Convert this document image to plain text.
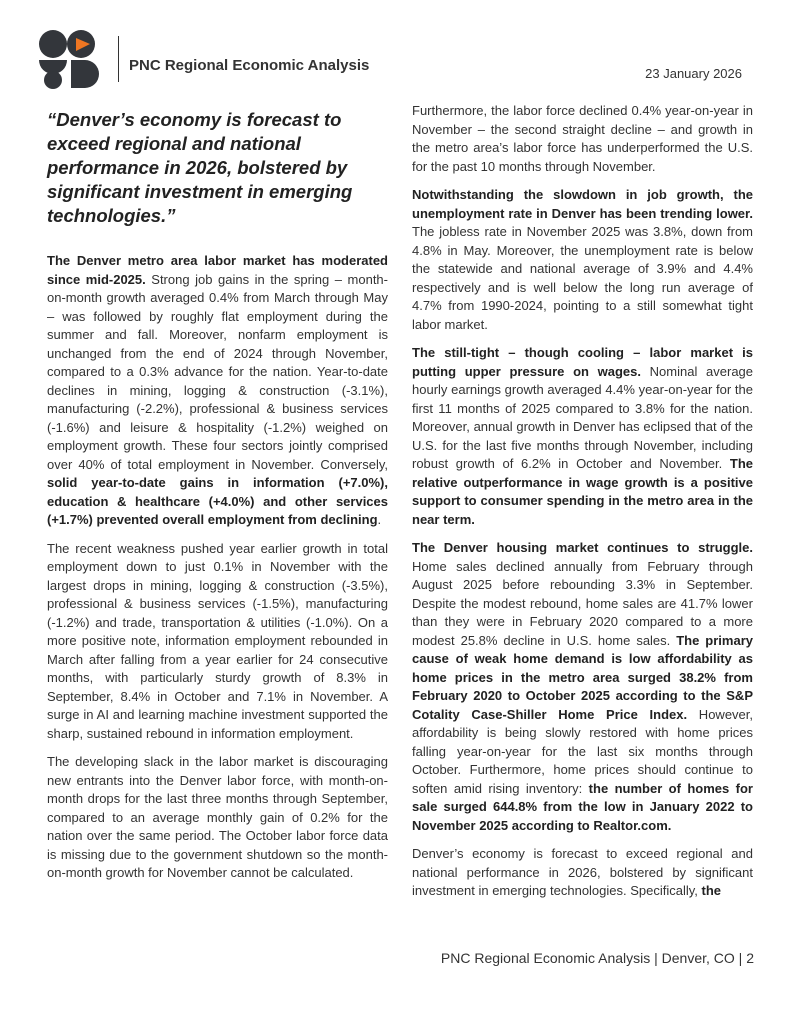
PNC Regional Economic Analysis	23 January 2026

“Denver’s economy is forecast to exceed regional and national performance in 2026, bolstered by significant investment in emerging technologies.”

The Denver metro area labor market has moderated since mid-2025. Strong job gains in the spring – month-on-month growth averaged 0.4% from March through May – was followed by roughly flat employment during the summer and fall. Moreover, nonfarm employment is unchanged from the end of 2024 through November, compared to a 0.3% advance for the nation. Year-to-date declines in mining, logging & construction (-3.1%), manufacturing (-2.2%), professional & business services (-1.6%) and leisure & hospitality (-1.2%) weighed on employment growth. These four sectors jointly comprised over 40% of total employment in November. Conversely, solid year-to-date gains in information (+7.0%), education & healthcare (+4.0%) and other services (+1.7%) prevented overall employment from declining.

The recent weakness pushed year earlier growth in total employment down to just 0.1% in November with the largest drops in mining, logging & construction (-3.5%), professional & business services (-1.5%), manufacturing (-1.2%) and trade, transportation & utilities (-1.0%). On a more positive note, information employment rebounded in March after falling from a year earlier for 24 consecutive months, with particularly sturdy growth of 8.3% in September, 8.4% in October and 7.1% in November. A surge in AI and learning machine investment supported the sharp, sustained rebound in information employment.

The developing slack in the labor market is discouraging new entrants into the Denver labor force, with month-on-month drops for the last three months through September, compared to an average monthly gain of 0.2% for the nation over the same period. The October labor force data is missing due to the government shutdown so the month-on-month growth for November cannot be calculated.

Furthermore, the labor force declined 0.4% year-on-year in November – the second straight decline – and growth in the metro area’s labor force has underperformed the U.S. for the past 10 months through November.

Notwithstanding the slowdown in job growth, the unemployment rate in Denver has been trending lower. The jobless rate in November 2025 was 3.8%, down from 4.8% in May. Moreover, the unemployment rate is below the statewide and national average of 3.9% and 4.4% respectively and is well below the long run average of 4.7% from 1990-2024, pointing to a still somewhat tight labor market.

The still-tight – though cooling – labor market is putting upper pressure on wages. Nominal average hourly earnings growth averaged 4.4% year-on-year for the first 11 months of 2025 compared to 3.8% for the nation. Moreover, annual growth in Denver has eclipsed that of the U.S. for the last five months through November, including robust growth of 6.2% in October and November. The relative outperformance in wage growth is a positive support to consumer spending in the metro area in the near term.

The Denver housing market continues to struggle. Home sales declined annually from February through August 2025 before rebounding 3.3% in September. Despite the modest rebound, home sales are 41.7% lower than they were in February 2020 compared to a more modest 25.8% decline in U.S. home sales. The primary cause of weak home demand is low affordability as home prices in the metro area surged 38.2% from February 2020 to October 2025 according to the S&P Cotality Case-Shiller Home Price Index. However, affordability is being slowly restored with home prices falling year-on-year for the last six months through October. Furthermore, home prices should continue to soften amid rising inventory: the number of homes for sale surged 644.8% from the low in January 2022 to November 2025 according to Realtor.com.

Denver’s economy is forecast to exceed regional and national performance in 2026, bolstered by significant investment in emerging technologies. Specifically, the

PNC Regional Economic Analysis | Denver, CO | 2
